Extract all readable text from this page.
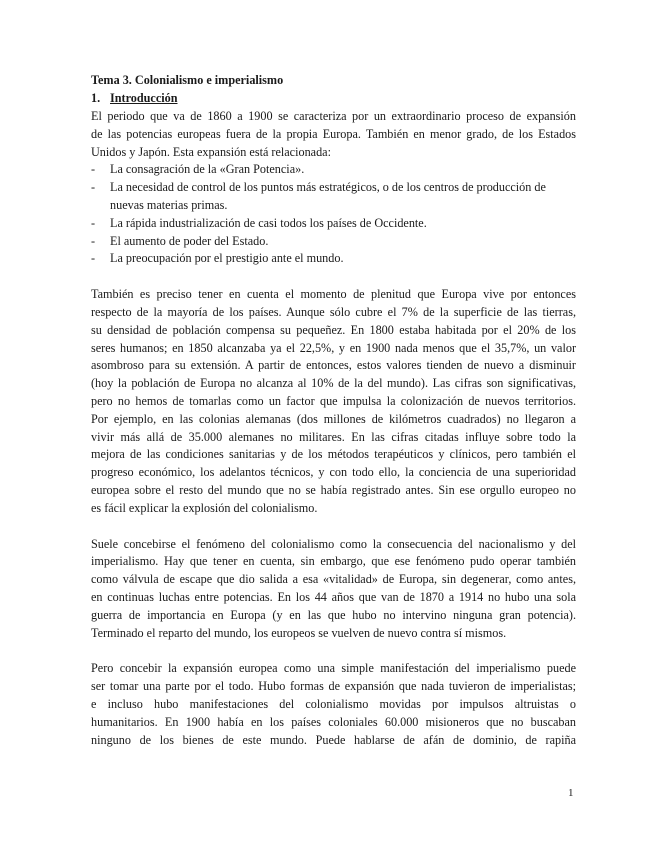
Tema 3. Colonialismo e imperialismo

1. Introducción

El periodo que va de 1860 a 1900 se caracteriza por un extraordinario proceso de expansión
de las potencias europeas fuera de la propia Europa. También en menor grado, de los Estados
Unidos y Japón. Esta expansión está relacionada:

-	La consagración de la «Gran Potencia».
-	La necesidad de control de los puntos más estratégicos, o de los centros de producción de
nuevas materias primas.
-	La rápida industrialización de casi todos los países de Occidente.
-	El aumento de poder del Estado.
-	La preocupación por el prestigio ante el mundo.

También es preciso tener en cuenta el momento de plenitud que Europa vive por entonces
respecto de la mayoría de los países. Aunque sólo cubre el 7% de la superficie de las tierras,
su densidad de población compensa su pequeñez. En 1800 estaba habitada por el 20% de los
seres humanos; en 1850 alcanzaba ya el 22,5%, y en 1900 nada menos que el 35,7%, un valor
asombroso para su extensión. A partir de entonces, estos valores tienden de nuevo a disminuir
(hoy la población de Europa no alcanza al 10% de la del mundo). Las cifras son significativas,
pero no hemos de tomarlas como un factor que impulsa la colonización de nuevos territorios.
Por ejemplo, en las colonias alemanas (dos millones de kilómetros cuadrados) no llegaron a
vivir más allá de 35.000 alemanes no militares. En las cifras citadas influye sobre todo la
mejora de las condiciones sanitarias y de los métodos terapéuticos y clínicos, pero también el
progreso económico, los adelantos técnicos, y con todo ello, la conciencia de una superioridad
europea sobre el resto del mundo que no se había registrado antes. Sin ese orgullo europeo no
es fácil explicar la explosión del colonialismo.

Suele concebirse el fenómeno del colonialismo como la consecuencia del nacionalismo y del
imperialismo. Hay que tener en cuenta, sin embargo, que ese fenómeno pudo operar también
como válvula de escape que dio salida a esa «vitalidad» de Europa, sin degenerar, como antes,
en continuas luchas entre potencias. En los 44 años que van de 1870 a 1914 no hubo una sola
guerra de importancia en Europa (y en las que hubo no intervino ninguna gran potencia).
Terminado el reparto del mundo, los europeos se vuelven de nuevo contra sí mismos.

Pero concebir la expansión europea como una simple manifestación del imperialismo puede
ser tomar una parte por el todo. Hubo formas de expansión que nada tuvieron de imperialistas;
e incluso hubo manifestaciones del colonialismo movidas por impulsos altruistas o
humanitarios. En 1900 había en los países coloniales 60.000 misioneros que no buscaban
ninguno de los bienes de este mundo. Puede hablarse de afán de dominio, de rapiña

1
